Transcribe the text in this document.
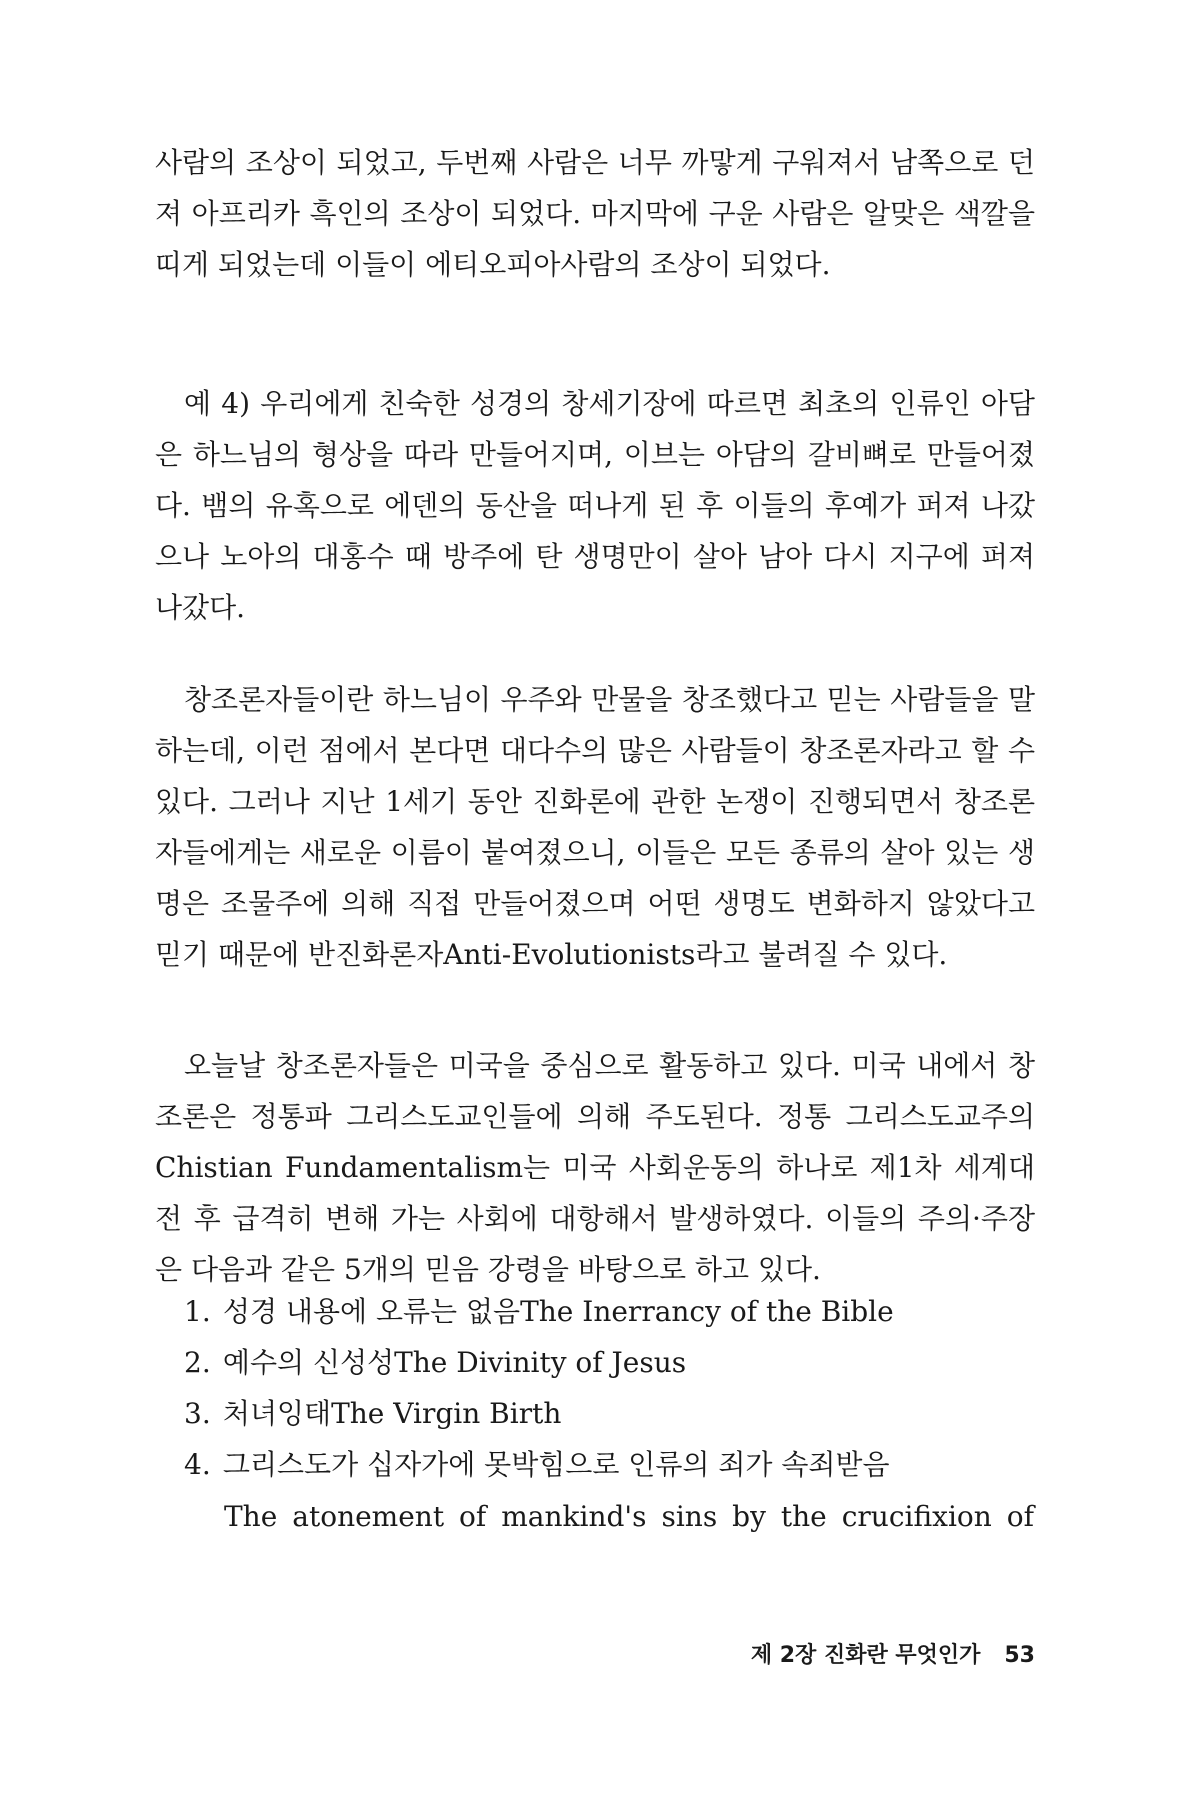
사람의 조상이 되었고, 두번째 사람은 너무 까맣게 구워져서 남쪽으로 던져 아프리카 흑인의 조상이 되었다. 마지막에 구운 사람은 알맞은 색깔을 띠게 되었는데 이들이 에티오피아사람의 조상이 되었다.

예 4) 우리에게 친숙한 성경의 창세기장에 따르면 최초의 인류인 아담은 하느님의 형상을 따라 만들어지며, 이브는 아담의 갈비뼈로 만들어졌다. 뱀의 유혹으로 에덴의 동산을 떠나게 된 후 이들의 후예가 퍼져 나갔으나 노아의 대홍수 때 방주에 탄 생명만이 살아 남아 다시 지구에 퍼져 나갔다.

창조론자들이란 하느님이 우주와 만물을 창조했다고 믿는 사람들을 말하는데, 이런 점에서 본다면 대다수의 많은 사람들이 창조론자라고 할 수 있다. 그러나 지난 1세기 동안 진화론에 관한 논쟁이 진행되면서 창조론자들에게는 새로운 이름이 붙여졌으니, 이들은 모든 종류의 살아 있는 생명은 조물주에 의해 직접 만들어졌으며 어떤 생명도 변화하지 않았다고 믿기 때문에 반진화론자Anti-Evolutionists라고 불려질 수 있다.

오늘날 창조론자들은 미국을 중심으로 활동하고 있다. 미국 내에서 창조론은 정통파 그리스도교인들에 의해 주도된다. 정통 그리스도교주의Chistian Fundamentalism는 미국 사회운동의 하나로 제1차 세계대전 후 급격히 변해 가는 사회에 대항해서 발생하였다. 이들의 주의·주장은 다음과 같은 5개의 믿음 강령을 바탕으로 하고 있다.

1. 성경 내용에 오류는 없음The Inerrancy of the Bible
2. 예수의 신성성The Divinity of Jesus
3. 처녀잉태The Virgin Birth
4. 그리스도가 십자가에 못박힘으로 인류의 죄가 속죄받음
The atonement of mankind's sins by the crucifixion of
제 2장 진화란 무엇인가 53
